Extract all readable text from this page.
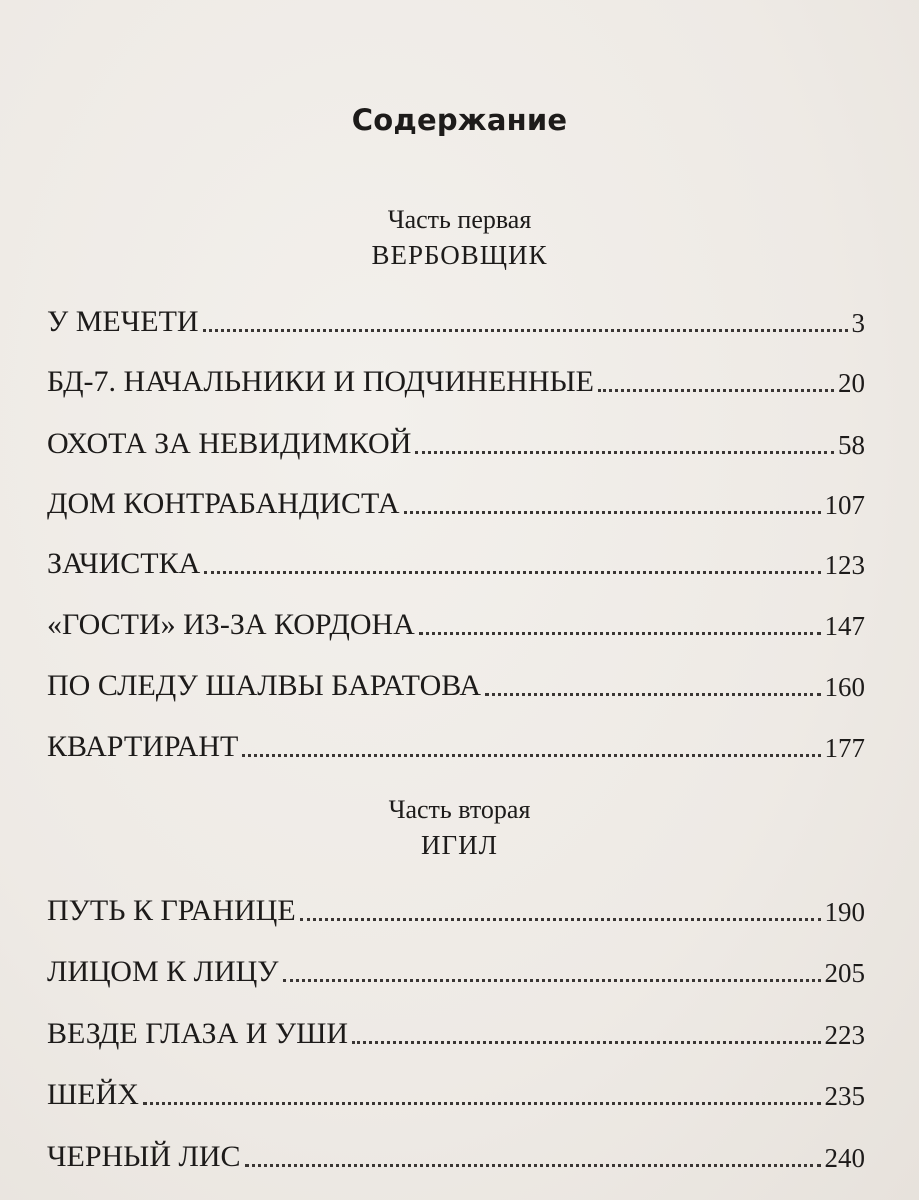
Содержание
Часть первая
ВЕРБОВЩИК
У МЕЧЕТИ	3
БД-7. НАЧАЛЬНИКИ И ПОДЧИНЕННЫЕ	20
ОХОТА ЗА НЕВИДИМКОЙ	58
ДОМ КОНТРАБАНДИСТА	107
ЗАЧИСТКА	123
«ГОСТИ» ИЗ-ЗА КОРДОНА	147
ПО СЛЕДУ ШАЛВЫ БАРАТОВА	160
КВАРТИРАНТ	177
Часть вторая
ИГИЛ
ПУТЬ К ГРАНИЦЕ	190
ЛИЦОМ К ЛИЦУ	205
ВЕЗДЕ ГЛАЗА И УШИ	223
ШЕЙХ	235
ЧЕРНЫЙ ЛИС	240
